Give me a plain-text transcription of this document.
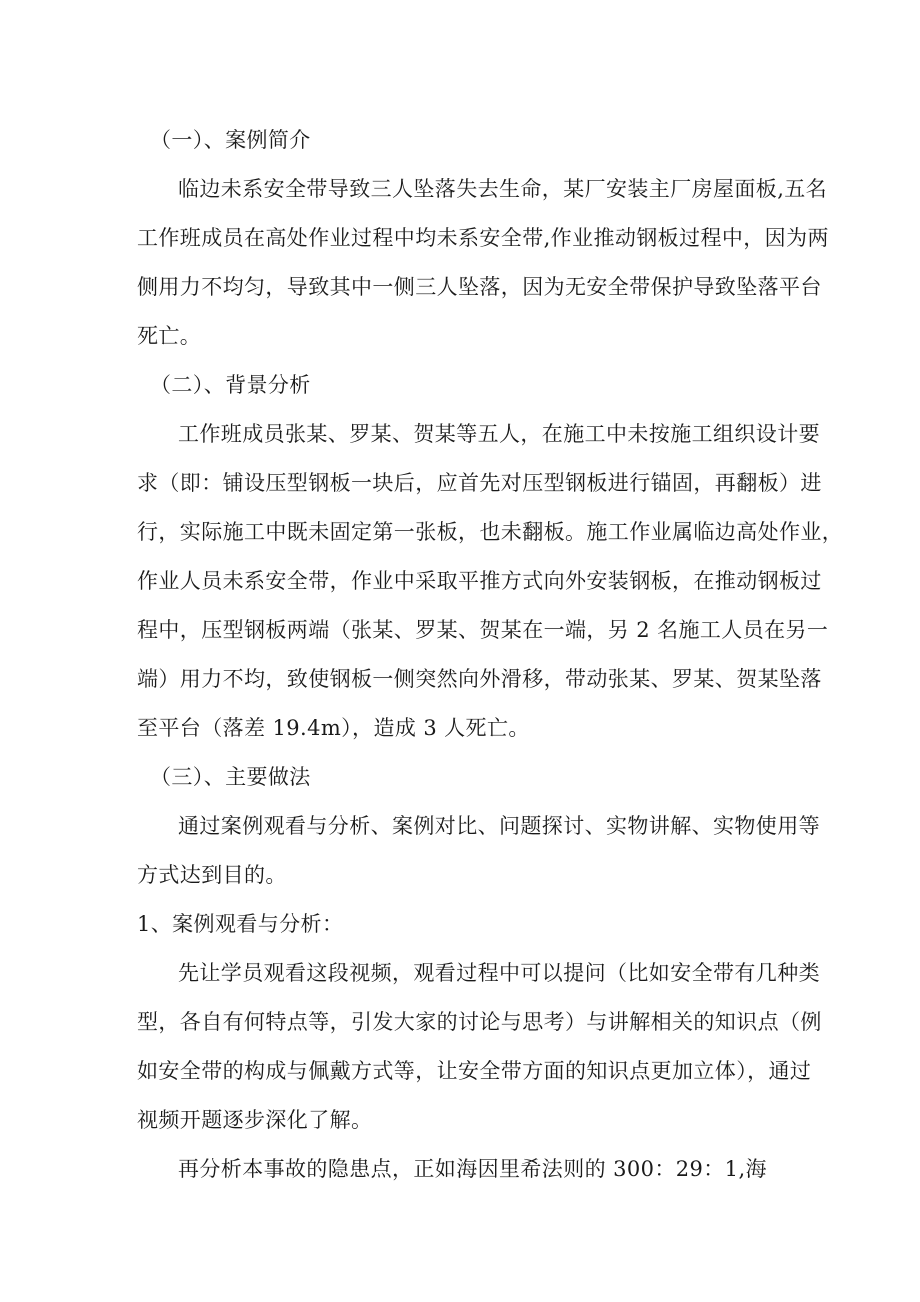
（一）、案例简介
临边未系安全带导致三人坠落失去生命，某厂安装主厂房屋面板,五名
工作班成员在高处作业过程中均未系安全带,作业推动钢板过程中，因为两
侧用力不均匀，导致其中一侧三人坠落，因为无安全带保护导致坠落平台
死亡。
（二）、背景分析
工作班成员张某、罗某、贺某等五人，在施工中未按施工组织设计要
求（即：铺设压型钢板一块后，应首先对压型钢板进行锚固，再翻板）进
行，实际施工中既未固定第一张板，也未翻板。施工作业属临边高处作业，
作业人员未系安全带，作业中采取平推方式向外安装钢板，在推动钢板过
程中，压型钢板两端（张某、罗某、贺某在一端，另 2 名施工人员在另一
端）用力不均，致使钢板一侧突然向外滑移，带动张某、罗某、贺某坠落
至平台（落差 19.4m），造成 3 人死亡。
（三）、主要做法
通过案例观看与分析、案例对比、问题探讨、实物讲解、实物使用等
方式达到目的。
1、案例观看与分析：
先让学员观看这段视频，观看过程中可以提问（比如安全带有几种类
型，各自有何特点等，引发大家的讨论与思考）与讲解相关的知识点（例
如安全带的构成与佩戴方式等，让安全带方面的知识点更加立体），通过
视频开题逐步深化了解。
再分析本事故的隐患点，正如海因里希法则的 300：29：1,海
